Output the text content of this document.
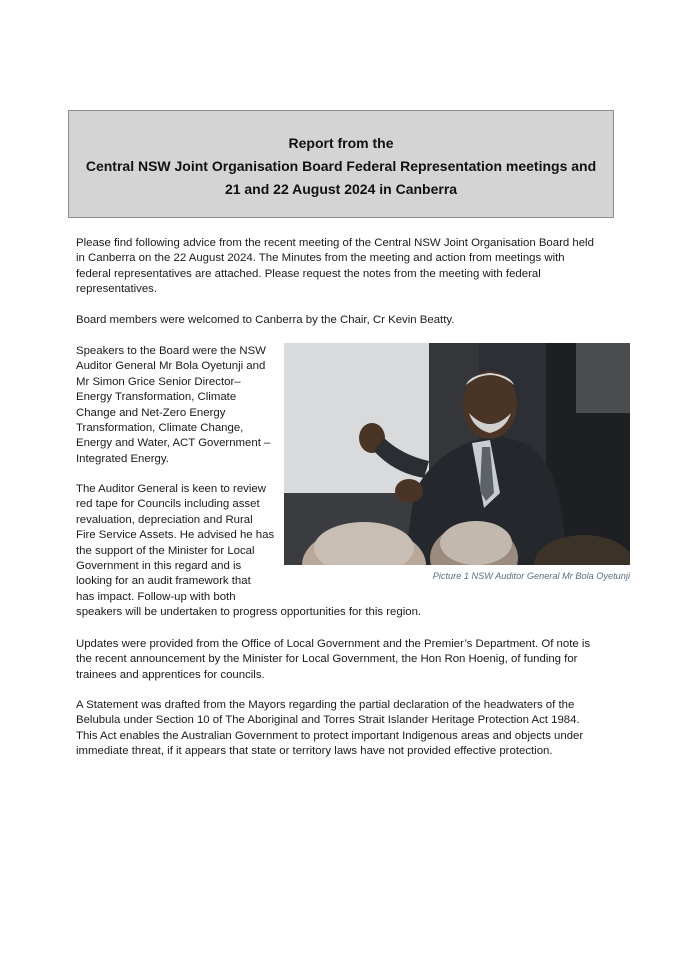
Report from the
Central NSW Joint Organisation Board Federal Representation meetings and
21 and 22 August 2024 in Canberra
Please find following advice from the recent meeting of the Central NSW Joint Organisation Board held
in Canberra on the 22 August 2024. The Minutes from the meeting and action from meetings with
federal representatives are attached. Please request the notes from the meeting with federal
representatives.
Board members were welcomed to Canberra by the Chair, Cr Kevin Beatty.
Speakers to the Board were the NSW
Auditor General Mr Bola Oyetunji and
Mr Simon Grice Senior Director–
Energy Transformation, Climate
Change and Net-Zero Energy
Transformation, Climate Change,
Energy and Water, ACT Government –
Integrated Energy.
The Auditor General is keen to review
red tape for Councils including asset
revaluation, depreciation and Rural
Fire Service Assets. He advised he has
the support of the Minister for Local
Government in this regard and is
looking for an audit framework that
has impact. Follow-up with both
speakers will be undertaken to progress opportunities for this region.
Picture 1 NSW Auditor General Mr Bola Oyetunji
Updates were provided from the Office of Local Government and the Premier’s Department. Of note is
the recent announcement by the Minister for Local Government, the Hon Ron Hoenig, of funding for
trainees and apprentices for councils.
A Statement was drafted from the Mayors regarding the partial declaration of the headwaters of the
Belubula under Section 10 of The Aboriginal and Torres Strait Islander Heritage Protection Act 1984.
This Act enables the Australian Government to protect important Indigenous areas and objects under
immediate threat, if it appears that state or territory laws have not provided effective protection.
